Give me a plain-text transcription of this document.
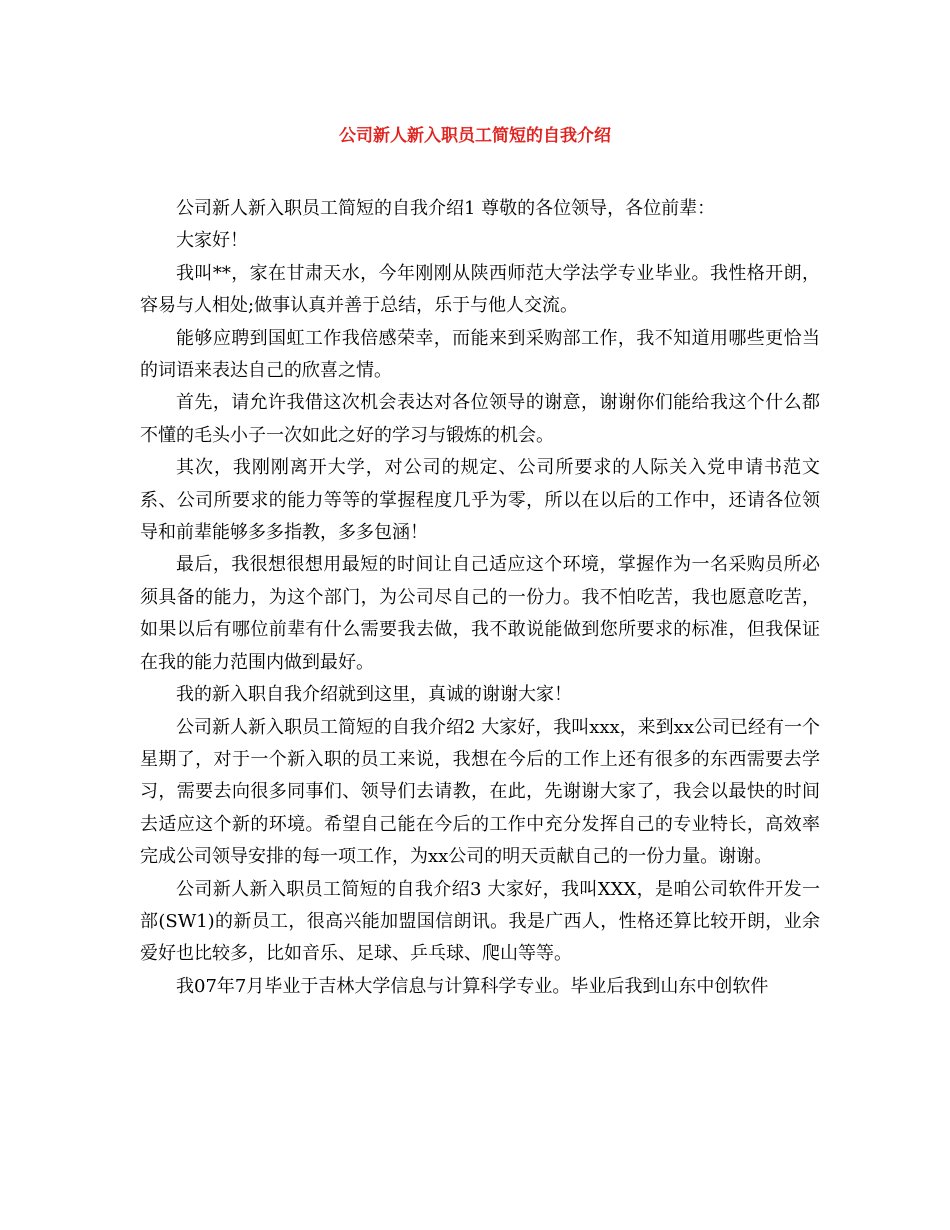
公司新人新入职员工简短的自我介绍

公司新人新入职员工简短的自我介绍1 尊敬的各位领导，各位前辈：

大家好！

我叫**，家在甘肃天水，今年刚刚从陕西师范大学法学专业毕业。我性格开朗，容易与人相处;做事认真并善于总结，乐于与他人交流。

能够应聘到国虹工作我倍感荣幸，而能来到采购部工作，我不知道用哪些更恰当的词语来表达自己的欣喜之情。

首先，请允许我借这次机会表达对各位领导的谢意，谢谢你们能给我这个什么都不懂的毛头小子一次如此之好的学习与锻炼的机会。

其次，我刚刚离开大学，对公司的规定、公司所要求的人际关入党申请书范文系、公司所要求的能力等等的掌握程度几乎为零，所以在以后的工作中，还请各位领导和前辈能够多多指教，多多包涵！

最后，我很想很想用最短的时间让自己适应这个环境，掌握作为一名采购员所必须具备的能力，为这个部门，为公司尽自己的一份力。我不怕吃苦，我也愿意吃苦，如果以后有哪位前辈有什么需要我去做，我不敢说能做到您所要求的标准，但我保证在我的能力范围内做到最好。

我的新入职自我介绍就到这里，真诚的谢谢大家！

公司新人新入职员工简短的自我介绍2 大家好，我叫xxx，来到xx公司已经有一个星期了，对于一个新入职的员工来说，我想在今后的工作上还有很多的东西需要去学习，需要去向很多同事们、领导们去请教，在此，先谢谢大家了，我会以最快的时间去适应这个新的环境。希望自己能在今后的工作中充分发挥自己的专业特长，高效率完成公司领导安排的每一项工作，为xx公司的明天贡献自己的一份力量。谢谢。

公司新人新入职员工简短的自我介绍3 大家好，我叫XXX，是咱公司软件开发一部(SW1)的新员工，很高兴能加盟国信朗讯。我是广西人，性格还算比较开朗，业余爱好也比较多，比如音乐、足球、乒乓球、爬山等等。

我07年7月毕业于吉林大学信息与计算科学专业。毕业后我到山东中创软件
